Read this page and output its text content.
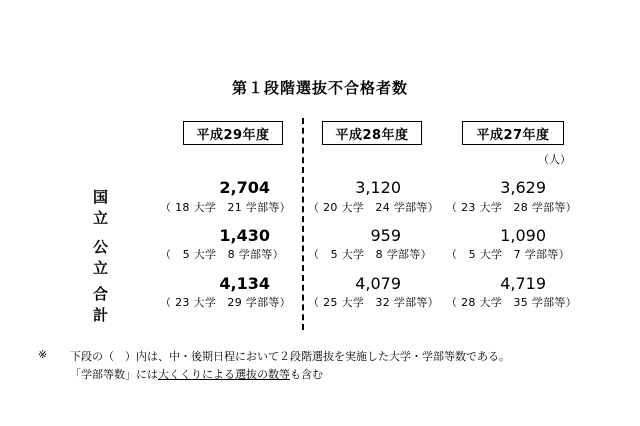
第１段階選抜不合格者数
平成29年度	平成28年度	平成27年度
（人）
国 立
2,704
（ 18 大学　21 学部等）
3,120
（ 20 大学　24 学部等）
3,629
（ 23 大学　28 学部等）
公 立
1,430
（　5 大学　8 学部等）
959
（　5 大学　8 学部等）
1,090
（　5 大学　7 学部等）
合 計
4,134
（ 23 大学　29 学部等）
4,079
（ 25 大学　32 学部等）
4,719
（ 28 大学　35 学部等）
※ 下段の（　）内は、中・後期日程において２段階選抜を実施した大学・学部等数である。
「学部等数」には大くくりによる選抜の数等も含む
